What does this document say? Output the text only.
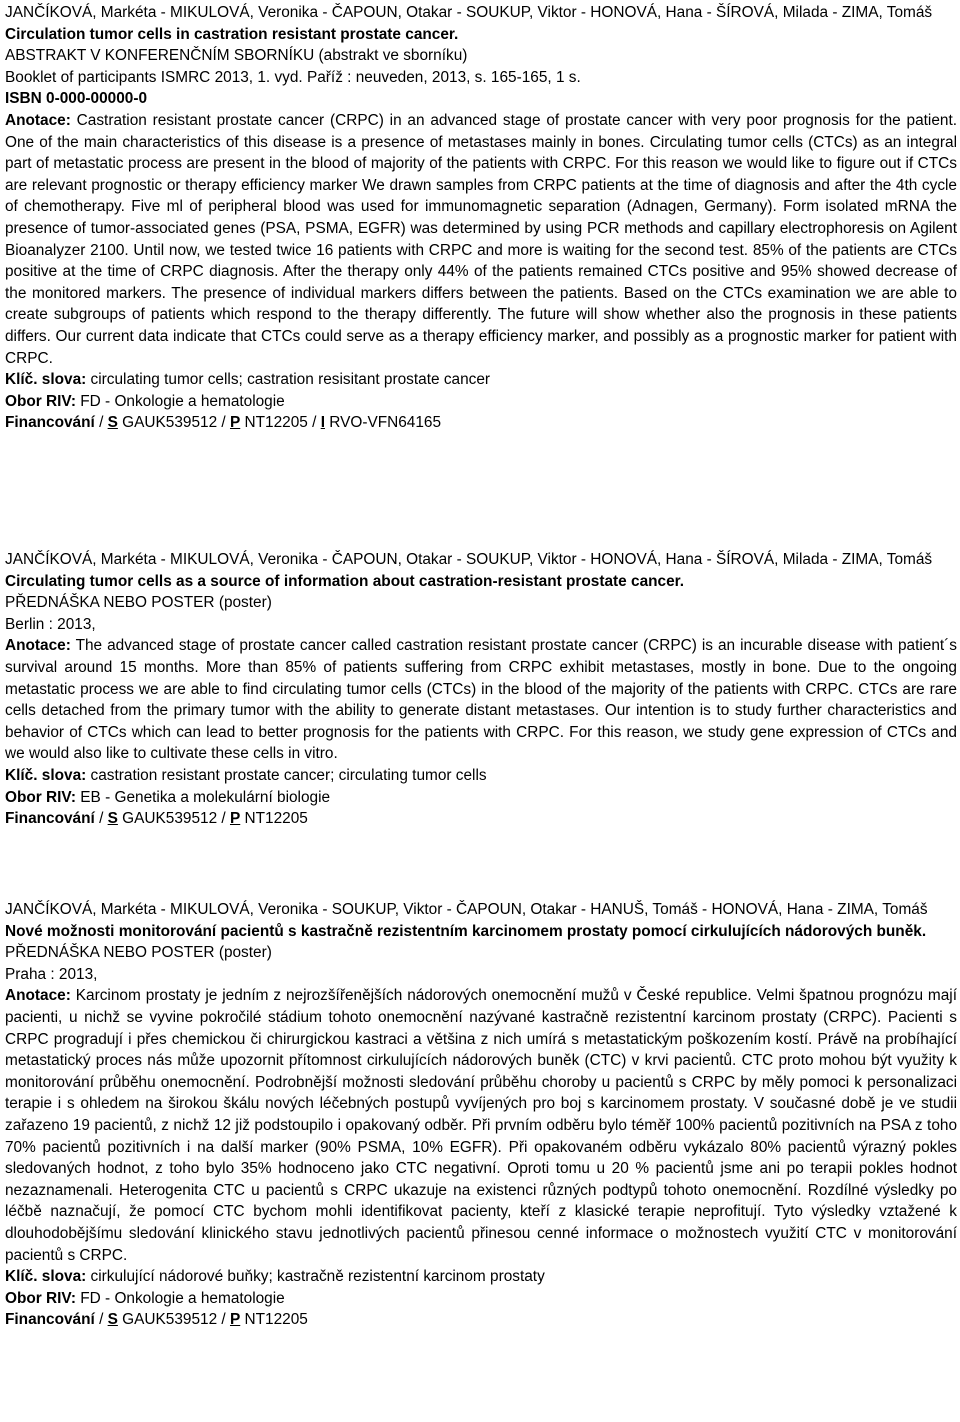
JANČÍKOVÁ, Markéta - MIKULOVÁ, Veronika - ČAPOUN, Otakar - SOUKUP, Viktor - HONOVÁ, Hana - ŠÍROVÁ, Milada - ZIMA, Tomáš
Circulation tumor cells in castration resistant prostate cancer.
ABSTRAKT V KONFERENČNÍM SBORNÍKU (abstrakt ve sborníku)
Booklet of participants ISMRC 2013, 1. vyd. Paříž : neuveden, 2013, s. 165-165, 1 s.
ISBN 0-000-00000-0
Anotace: Castration resistant prostate cancer (CRPC) in an advanced stage of prostate cancer with very poor prognosis for the patient. One of the main characteristics of this disease is a presence of metastases mainly in bones. Circulating tumor cells (CTCs) as an integral part of metastatic process are present in the blood of majority of the patients with CRPC. For this reason we would like to figure out if CTCs are relevant prognostic or therapy efficiency marker We drawn samples from CRPC patients at the time of diagnosis and after the 4th cycle of chemotherapy. Five ml of peripheral blood was used for immunomagnetic separation (Adnagen, Germany). Form isolated mRNA the presence of tumor-associated genes (PSA, PSMA, EGFR) was determined by using PCR methods and capillary electrophoresis on Agilent Bioanalyzer 2100. Until now, we tested twice 16 patients with CRPC and more is waiting for the second test. 85% of the patients are CTCs positive at the time of CRPC diagnosis. After the therapy only 44% of the patients remained CTCs positive and 95% showed decrease of the monitored markers. The presence of individual markers differs between the patients. Based on the CTCs examination we are able to create subgroups of patients which respond to the therapy differently. The future will show whether also the prognosis in these patients differs. Our current data indicate that CTCs could serve as a therapy efficiency marker, and possibly as a prognostic marker for patient with CRPC.
Klíč. slova: circulating tumor cells; castration resisitant prostate cancer
Obor RIV: FD - Onkologie a hematologie
Financování / S GAUK539512 / P NT12205 / I RVO-VFN64165
JANČÍKOVÁ, Markéta - MIKULOVÁ, Veronika - ČAPOUN, Otakar - SOUKUP, Viktor - HONOVÁ, Hana - ŠÍROVÁ, Milada - ZIMA, Tomáš
Circulating tumor cells as a source of information about castration-resistant prostate cancer.
PŘEDNÁŠKA NEBO POSTER (poster)
Berlin : 2013,
Anotace: The advanced stage of prostate cancer called castration resistant prostate cancer (CRPC) is an incurable disease with patient´s survival around 15 months. More than 85% of patients suffering from CRPC exhibit metastases, mostly in bone. Due to the ongoing metastatic process we are able to find circulating tumor cells (CTCs) in the blood of the majority of the patients with CRPC. CTCs are rare cells detached from the primary tumor with the ability to generate distant metastases. Our intention is to study further characteristics and behavior of CTCs which can lead to better prognosis for the patients with CRPC. For this reason, we study gene expression of CTCs and we would also like to cultivate these cells in vitro.
Klíč. slova: castration resistant prostate cancer; circulating tumor cells
Obor RIV: EB - Genetika a molekulární biologie
Financování / S GAUK539512 / P NT12205
JANČÍKOVÁ, Markéta - MIKULOVÁ, Veronika - SOUKUP, Viktor - ČAPOUN, Otakar - HANUŠ, Tomáš - HONOVÁ, Hana - ZIMA, Tomáš
Nové možnosti monitorování pacientů s kastračně rezistentním karcinomem prostaty pomocí cirkulujících nádorových buněk.
PŘEDNÁŠKA NEBO POSTER (poster)
Praha : 2013,
Anotace: Karcinom prostaty je jedním z nejrozšířenějších nádorových onemocnění mužů v České republice. Velmi špatnou prognózu mají pacienti, u nichž se vyvine pokročilé stádium tohoto onemocnění nazývané kastračně rezistentní karcinom prostaty (CRPC). Pacienti s CRPC progradují i přes chemickou či chirurgickou kastraci a většina z nich umírá s metastatickým poškozením kostí. Právě na probíhající metastatický proces nás může upozornit přítomnost cirkulujících nádorových buněk (CTC) v krvi pacientů. CTC proto mohou být využity k monitorování průběhu onemocnění. Podrobnější možnosti sledování průběhu choroby u pacientů s CRPC by měly pomoci k personalizaci terapie i s ohledem na širokou škálu nových léčebných postupů vyvíjených pro boj s karcinomem prostaty. V současné době je ve studii zařazeno 19 pacientů, z nichž 12 již podstoupilo i opakovaný odběr. Při prvním odběru bylo téměř 100% pacientů pozitivních na PSA z toho 70% pacientů pozitivních i na další marker (90% PSMA, 10% EGFR). Při opakovaném odběru vykázalo 80% pacientů výrazný pokles sledovaných hodnot, z toho bylo 35% hodnoceno jako CTC negativní. Oproti tomu u 20 % pacientů jsme ani po terapii pokles hodnot nezaznamenali. Heterogenita CTC u pacientů s CRPC ukazuje na existenci různých podtypů tohoto onemocnění. Rozdílné výsledky po léčbě naznačují, že pomocí CTC bychom mohli identifikovat pacienty, kteří z klasické terapie neprofitují. Tyto výsledky vztažené k dlouhodobějšímu sledování klinického stavu jednotlivých pacientů přinesou cenné informace o možnostech využití CTC v monitorování pacientů s CRPC.
Klíč. slova: cirkulující nádorové buňky; kastračně rezistentní karcinom prostaty
Obor RIV: FD - Onkologie a hematologie
Financování / S GAUK539512 / P NT12205
